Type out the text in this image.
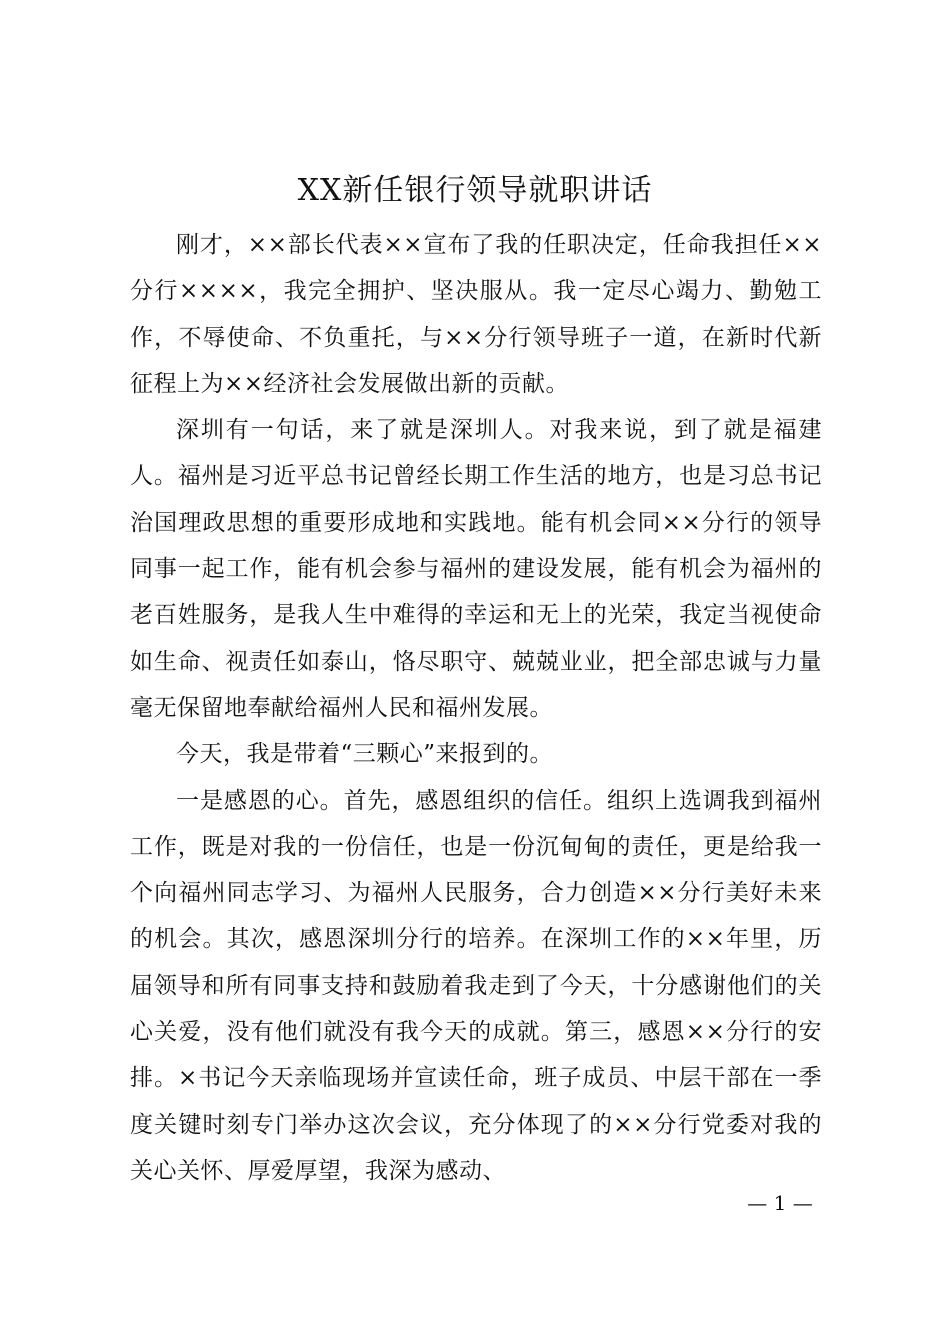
XX新任银行领导就职讲话

刚才，××部长代表××宣布了我的任职决定，任命我担任××分行××××，我完全拥护、坚决服从。我一定尽心竭力、勤勉工作，不辱使命、不负重托，与××分行领导班子一道，在新时代新征程上为××经济社会发展做出新的贡献。

深圳有一句话，来了就是深圳人。对我来说，到了就是福建人。福州是习近平总书记曾经长期工作生活的地方，也是习总书记治国理政思想的重要形成地和实践地。能有机会同××分行的领导同事一起工作，能有机会参与福州的建设发展，能有机会为福州的老百姓服务，是我人生中难得的幸运和无上的光荣，我定当视使命如生命、视责任如泰山，恪尽职守、兢兢业业，把全部忠诚与力量毫无保留地奉献给福州人民和福州发展。

今天，我是带着“三颗心”来报到的。

一是感恩的心。首先，感恩组织的信任。组织上选调我到福州工作，既是对我的一份信任，也是一份沉甸甸的责任，更是给我一个向福州同志学习、为福州人民服务，合力创造××分行美好未来的机会。其次，感恩深圳分行的培养。在深圳工作的××年里，历届领导和所有同事支持和鼓励着我走到了今天，十分感谢他们的关心关爱，没有他们就没有我今天的成就。第三，感恩××分行的安排。×书记今天亲临现场并宣读任命，班子成员、中层干部在一季度关键时刻专门举办这次会议，充分体现了的××分行党委对我的关心关怀、厚爱厚望，我深为感动、

— 1 —
